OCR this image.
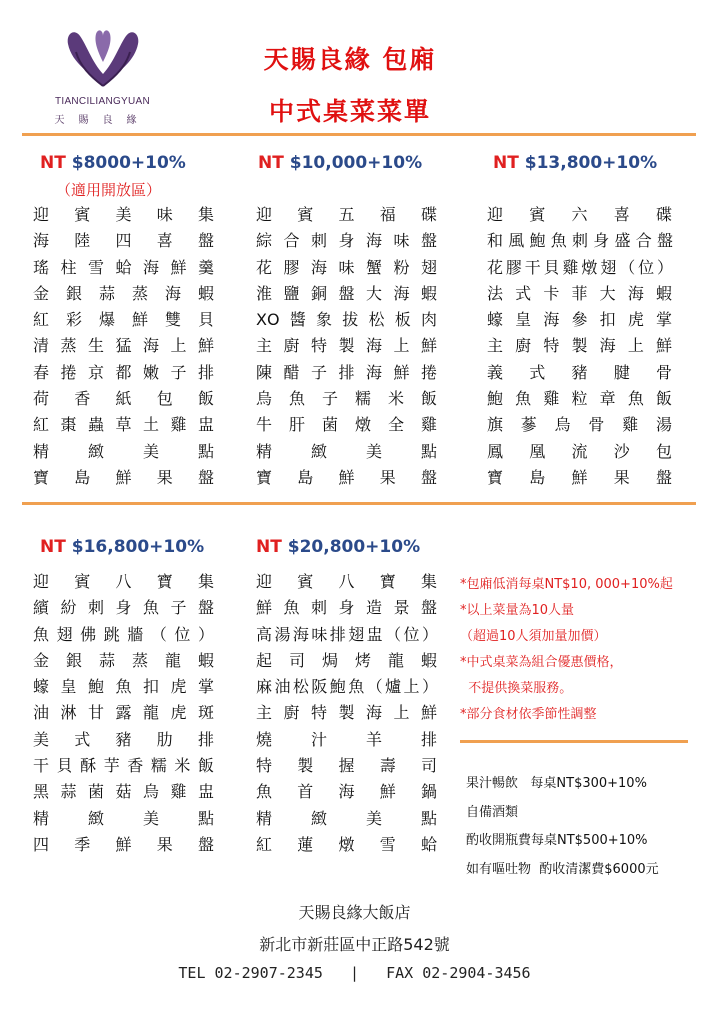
TIANCILIANGYUAN
天賜良緣
天賜良緣 包廂
中式桌菜菜單
NT $8000+10%
（適用開放區）
迎賓美味集
海陸四喜盤
瑤柱雪蛤海鮮羹
金銀蒜蒸海蝦
紅彩爆鮮雙貝
清蒸生猛海上鮮
春捲京都嫩子排
荷香紙包飯
紅棗蟲草土雞盅
精緻美點
寶島鮮果盤
NT $10,000+10%
迎賓五福碟
綜合刺身海味盤
花膠海味蟹粉翅
淮鹽銅盤大海蝦
XO醬象拔松板肉
主廚特製海上鮮
陳醋子排海鮮捲
烏魚子糯米飯
牛肝菌燉全雞
精緻美點
寶島鮮果盤
NT $13,800+10%
迎賓六喜碟
和風鮑魚刺身盛合盤
花膠干貝雞燉翅（位）
法式卡菲大海蝦
蠔皇海參扣虎掌
主廚特製海上鮮
義式豬腱骨
鮑魚雞粒章魚飯
旗蔘烏骨雞湯
鳳凰流沙包
寶島鮮果盤
NT $16,800+10%
迎賓八寶集
繽紛刺身魚子盤
魚翅佛跳牆（位）
金銀蒜蒸龍蝦
蠔皇鮑魚扣虎掌
油淋甘露龍虎斑
美式豬肋排
干貝酥芋香糯米飯
黑蒜菌菇烏雞盅
精緻美點
四季鮮果盤
NT $20,800+10%
迎賓八寶集
鮮魚刺身造景盤
高湯海味排翅盅（位）
起司焗烤龍蝦
麻油松阪鮑魚（爐上）
主廚特製海上鮮
燒汁羊排
特製握壽司
魚首海鮮鍋
精緻美點
紅蓮燉雪蛤
*包廂低消每桌NT$10, 000+10%起
*以上菜量為10人量
（超過10人須加量加價）
*中式桌菜為組合優惠價格，
不提供換菜服務。
*部分食材依季節性調整
果汁暢飲   每桌NT$300+10%
自備酒類
酌收開瓶費每桌NT$500+10%
如有嘔吐物  酌收清潔費$6000元
天賜良緣大飯店
新北市新莊區中正路542號
TEL 02-2907-2345   |   FAX 02-2904-3456
